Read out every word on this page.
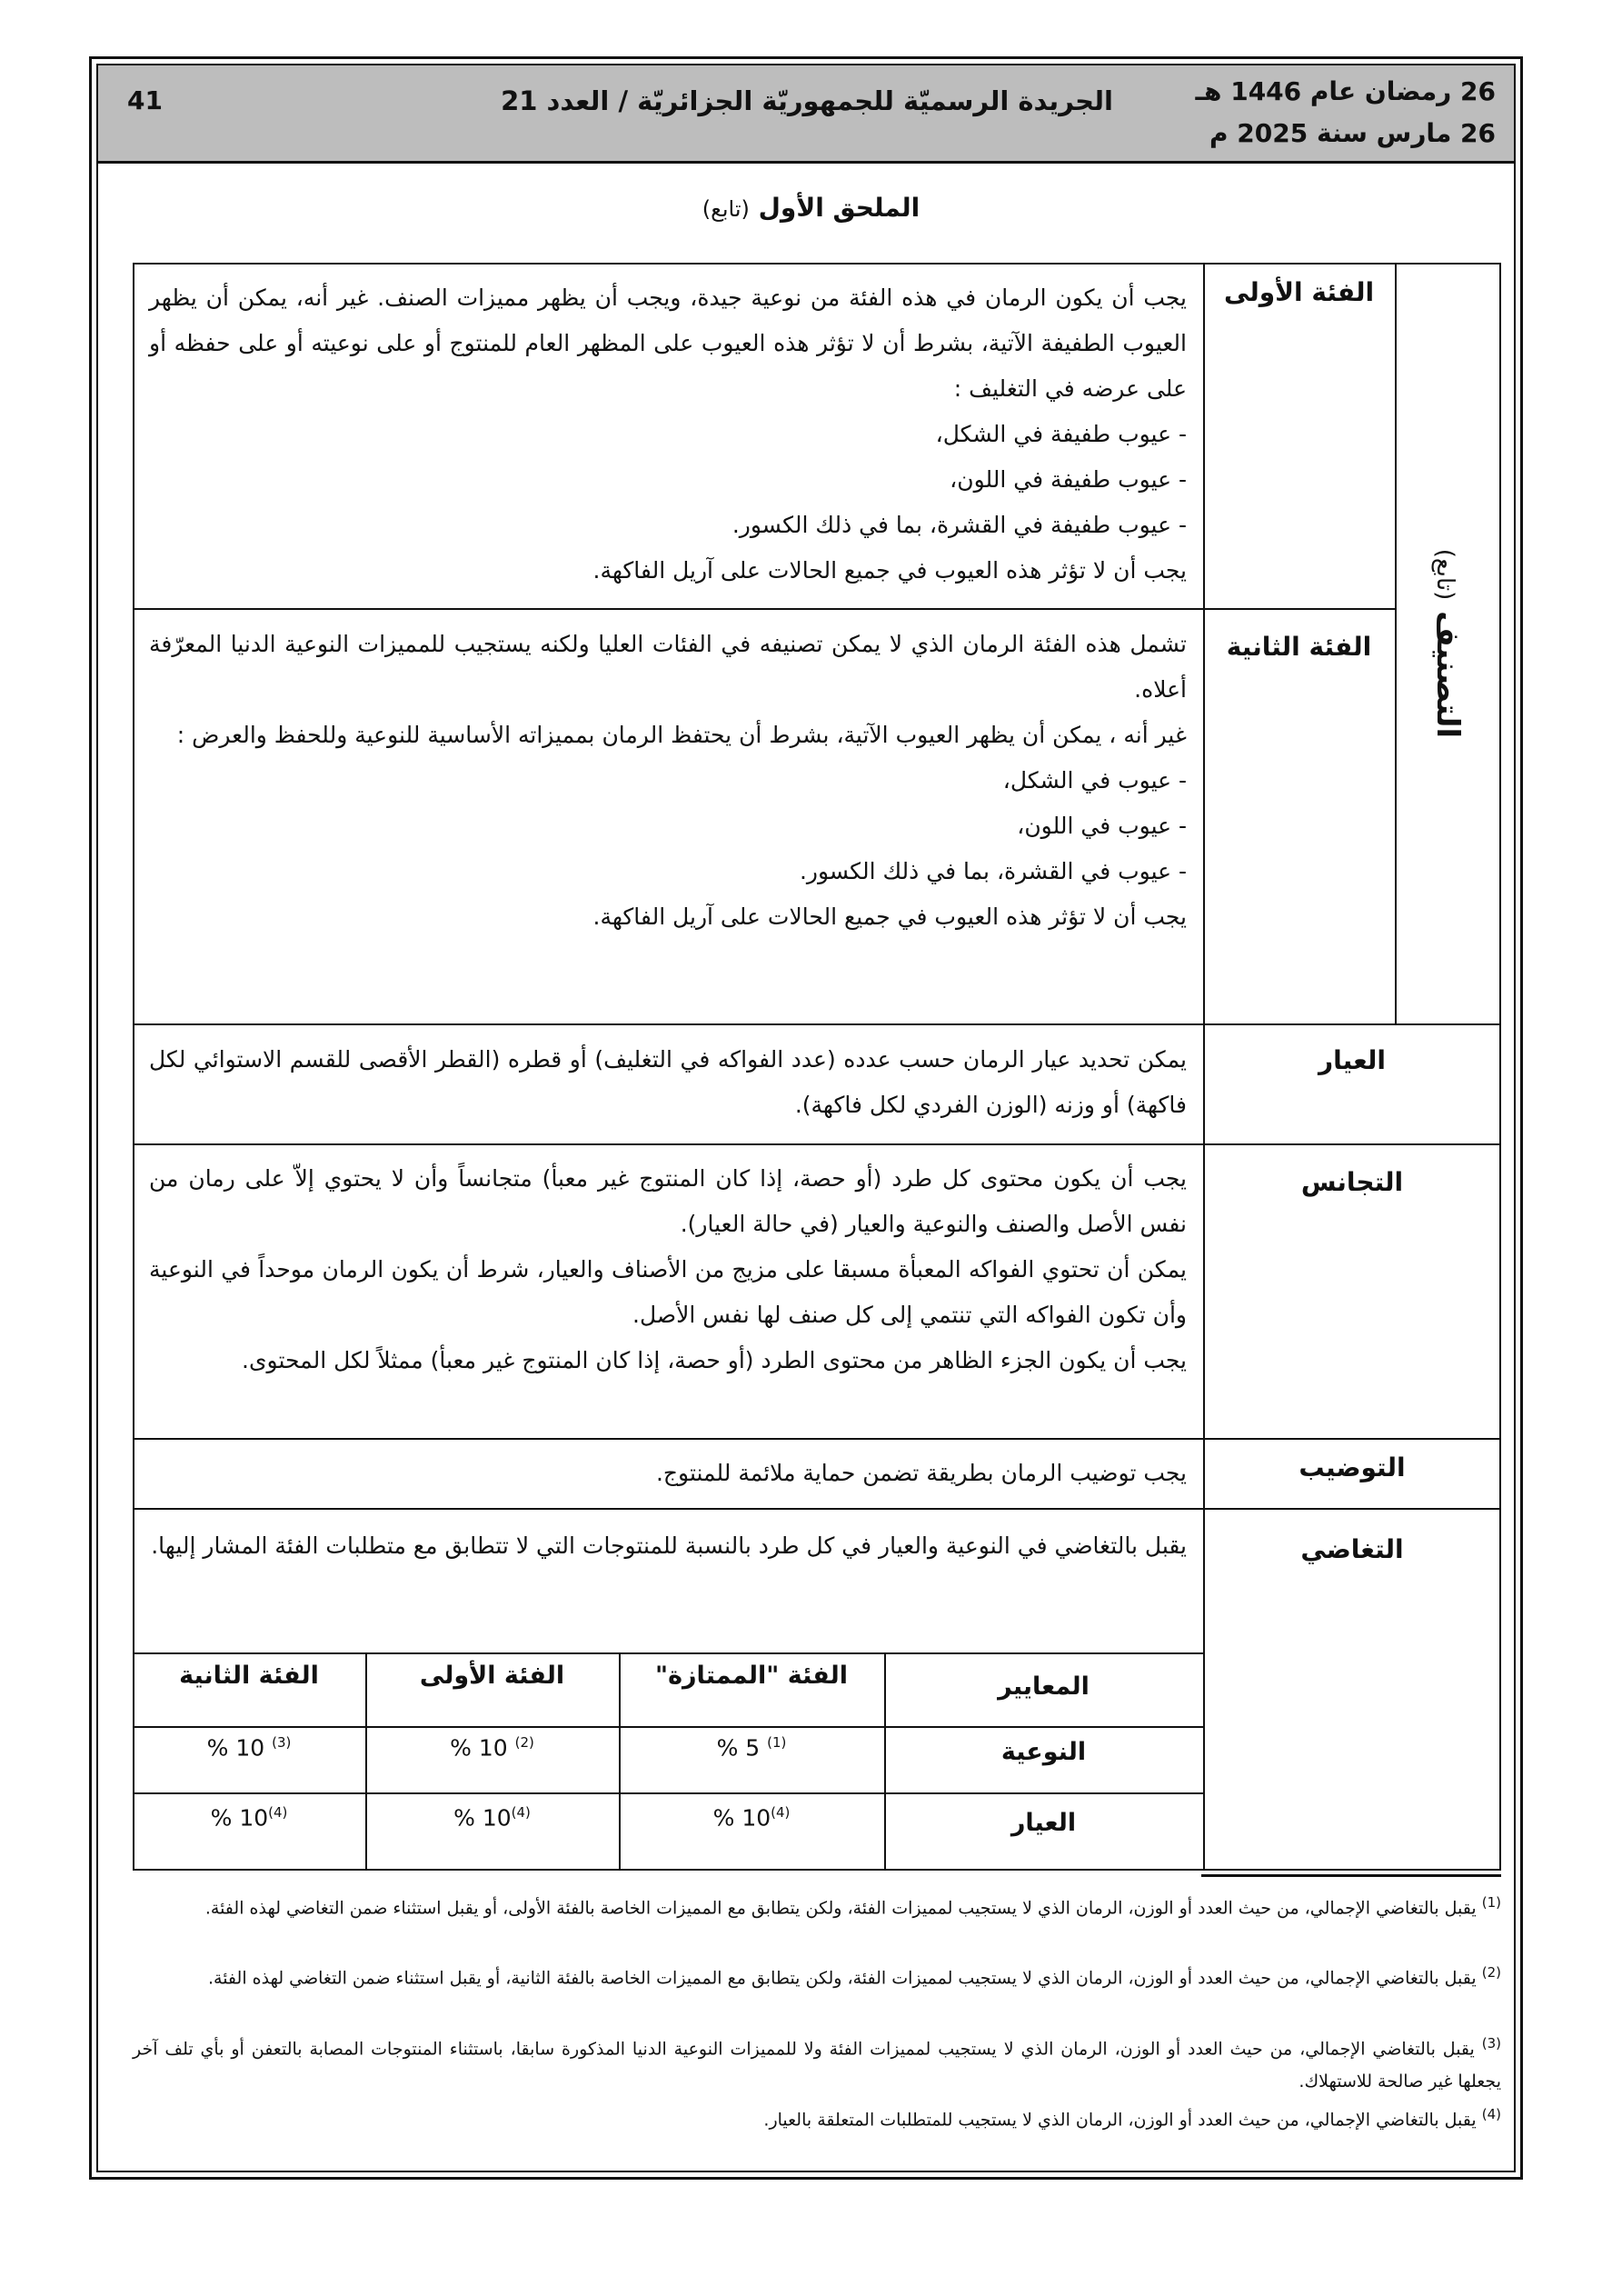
26 رمضان عام 1446 هـ
26 مارس سنة 2025 م
الجريدة الرسميّة للجمهوريّة الجزائريّة / العدد 21
41
الملحق الأول (تابع)
التصنيف (تابع)
الفئة الأولى

يجب أن يكون الرمان في هذه الفئة من نوعية جيدة، ويجب أن يظهر مميزات الصنف. غير أنه، يمكن أن يظهر العيوب الطفيفة الآتية، بشرط أن لا تؤثر هذه العيوب على المظهر العام للمنتوج أو على نوعيته أو على حفظه أو على عرضه في التغليف :

- عيوب طفيفة في الشكل،

- عيوب طفيفة في اللون،

- عيوب طفيفة في القشرة، بما في ذلك الكسور.

يجب أن لا تؤثر هذه العيوب في جميع الحالات على آريل الفاكهة.

الفئة الثانية

تشمل هذه الفئة الرمان الذي لا يمكن تصنيفه في الفئات العليا ولكنه يستجيب للمميزات النوعية الدنيا المعرّفة أعلاه.

غير أنه ، يمكن أن يظهر العيوب الآتية، بشرط أن يحتفظ الرمان بمميزاته الأساسية للنوعية وللحفظ والعرض :

- عيوب في الشكل،

- عيوب في اللون،

- عيوب في القشرة، بما في ذلك الكسور.

يجب أن لا تؤثر هذه العيوب في جميع الحالات على آريل الفاكهة.

العيار

يمكن تحديد عيار الرمان حسب عدده (عدد الفواكه في التغليف) أو قطره (القطر الأقصى للقسم الاستوائي لكل فاكهة) أو وزنه (الوزن الفردي لكل فاكهة).

التجانس

يجب أن يكون محتوى كل طرد (أو حصة، إذا كان المنتوج غير معبأ) متجانساً وأن لا يحتوي إلاّ على رمان من نفس الأصل والصنف والنوعية والعيار (في حالة العيار).

يمكن أن تحتوي الفواكه المعبأة مسبقا على مزيج من الأصناف والعيار، شرط أن يكون الرمان موحداً في النوعية وأن تكون الفواكه التي تنتمي إلى كل صنف لها نفس الأصل.

يجب أن يكون الجزء الظاهر من محتوى الطرد (أو حصة، إذا كان المنتوج غير معبأ) ممثلاً لكل المحتوى.

التوضيب

يجب توضيب الرمان بطريقة تضمن حماية ملائمة للمنتوج.

التغاضي

يقبل بالتغاضي في النوعية والعيار في كل طرد بالنسبة للمنتوجات التي لا تتطابق مع متطلبات الفئة المشار إليها.

المعايير
الفئة "الممتازة"
الفئة الأولى
الفئة الثانية
النوعية
$^{(1)}$ 5 %
$^{(2)}$ 10 %
$^{(3)}$ 10 %
العيار
$^{(4)}$10 %
$^{(4)}$10 %
$^{(4)}$10 %
$^{(1)}$ يقبل بالتغاضي الإجمالي، من حيث العدد أو الوزن، الرمان الذي لا يستجيب لمميزات الفئة، ولكن يتطابق مع المميزات الخاصة بالفئة الأولى، أو يقبل استثناء ضمن التغاضي لهذه الفئة.
$^{(2)}$ يقبل بالتغاضي الإجمالي، من حيث العدد أو الوزن، الرمان الذي لا يستجيب لمميزات الفئة، ولكن يتطابق مع المميزات الخاصة بالفئة الثانية، أو يقبل استثناء ضمن التغاضي لهذه الفئة.
$^{(3)}$ يقبل بالتغاضي الإجمالي، من حيث العدد أو الوزن، الرمان الذي لا يستجيب لمميزات الفئة ولا للمميزات النوعية الدنيا المذكورة سابقا، باستثناء المنتوجات المصابة بالتعفن أو بأي تلف آخر يجعلها غير صالحة للاستهلاك.
$^{(4)}$ يقبل بالتغاضي الإجمالي، من حيث العدد أو الوزن، الرمان الذي لا يستجيب للمتطلبات المتعلقة بالعيار.
